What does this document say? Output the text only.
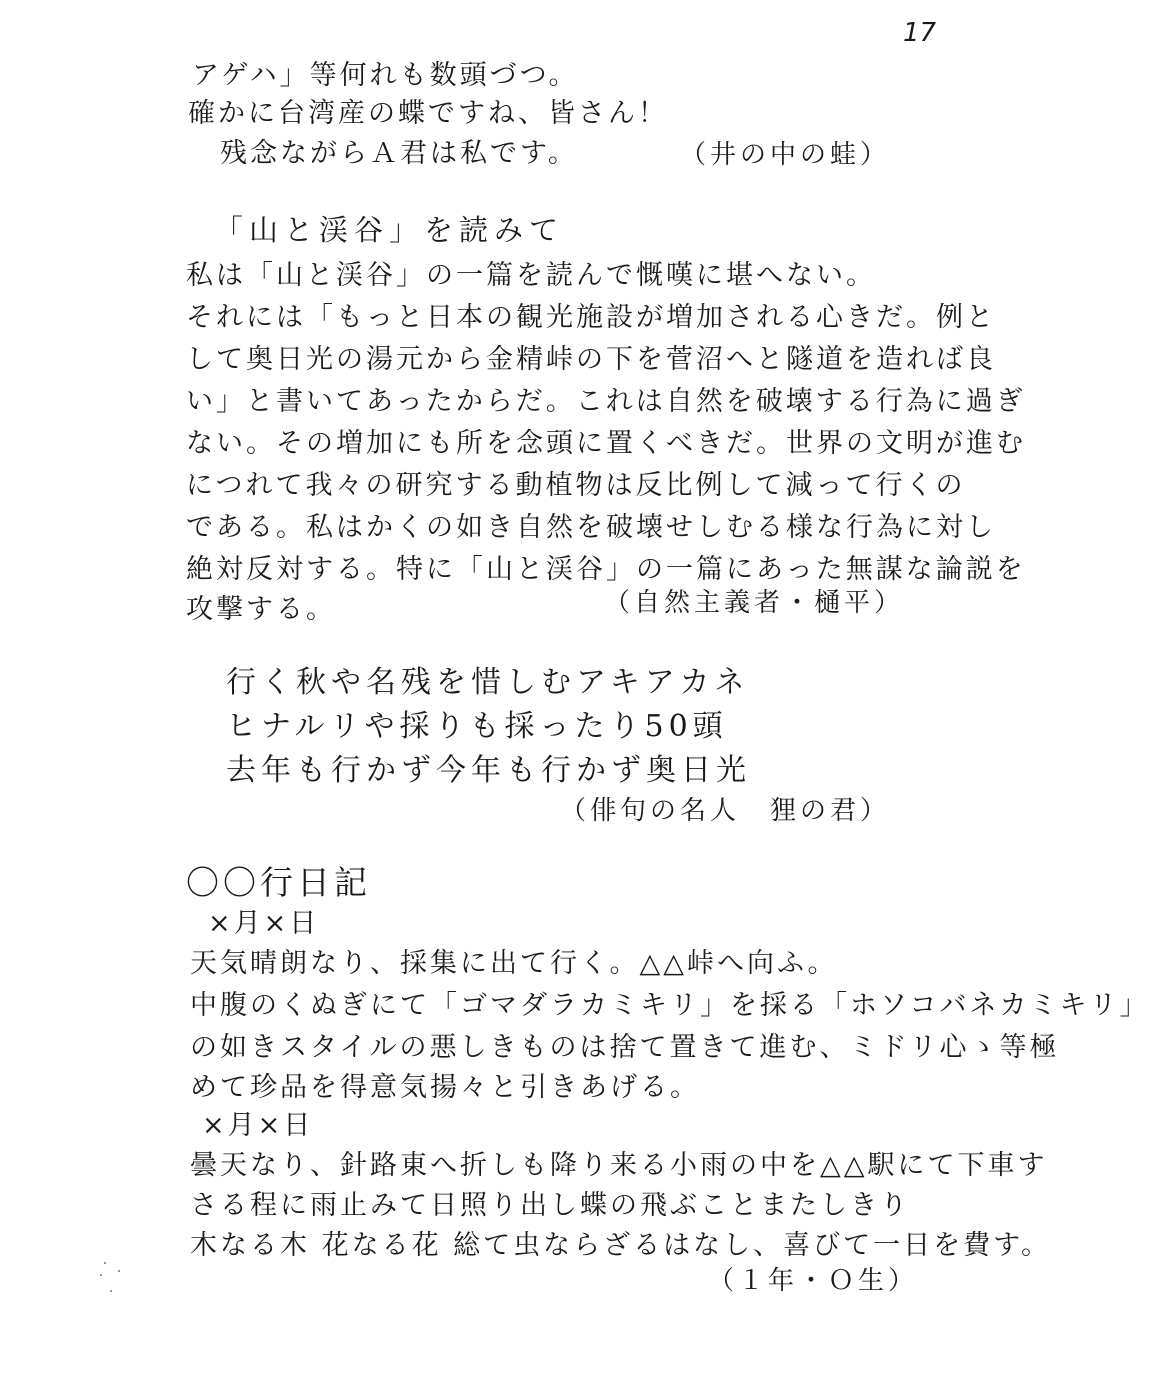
17
アゲハ」等何れも数頭づつ。
確かに台湾産の蝶ですね、皆さん！
残念ながらＡ君は私です。	（井の中の蛙）
「山と渓谷」を読みて
私は「山と渓谷」の一篇を読んで慨嘆に堪へない。
それには「もっと日本の観光施設が増加される心きだ。例と
して奥日光の湯元から金精峠の下を菅沼へと隧道を造れば良
い」と書いてあったからだ。これは自然を破壊する行為に過ぎ
ない。その増加にも所を念頭に置くべきだ。世界の文明が進む
につれて我々の研究する動植物は反比例して減って行くの
である。私はかくの如き自然を破壊せしむる様な行為に対し
絶対反対する。特に「山と渓谷」の一篇にあった無謀な論説を
攻撃する。	（自然主義者・樋平）
行く秋や名残を惜しむアキアカネ
ヒナルリや採りも採ったり50頭
去年も行かず今年も行かず奥日光
（俳句の名人　狸の君）
〇〇行日記
×月×日
天気晴朗なり、採集に出て行く。△△峠へ向ふ。
中腹のくぬぎにて「ゴマダラカミキリ」を採る「ホソコバネカミキリ」
の如きスタイルの悪しきものは捨て置きて進む、ミドリ心ゝ等極
めて珍品を得意気揚々と引きあげる。
×月×日
曇天なり、針路東へ折しも降り来る小雨の中を△△駅にて下車す
さる程に雨止みて日照り出し蝶の飛ぶことまたしきり
木なる木 花なる花 総て虫ならざるはなし、喜びて一日を費す。
（１年・Ｏ生）
